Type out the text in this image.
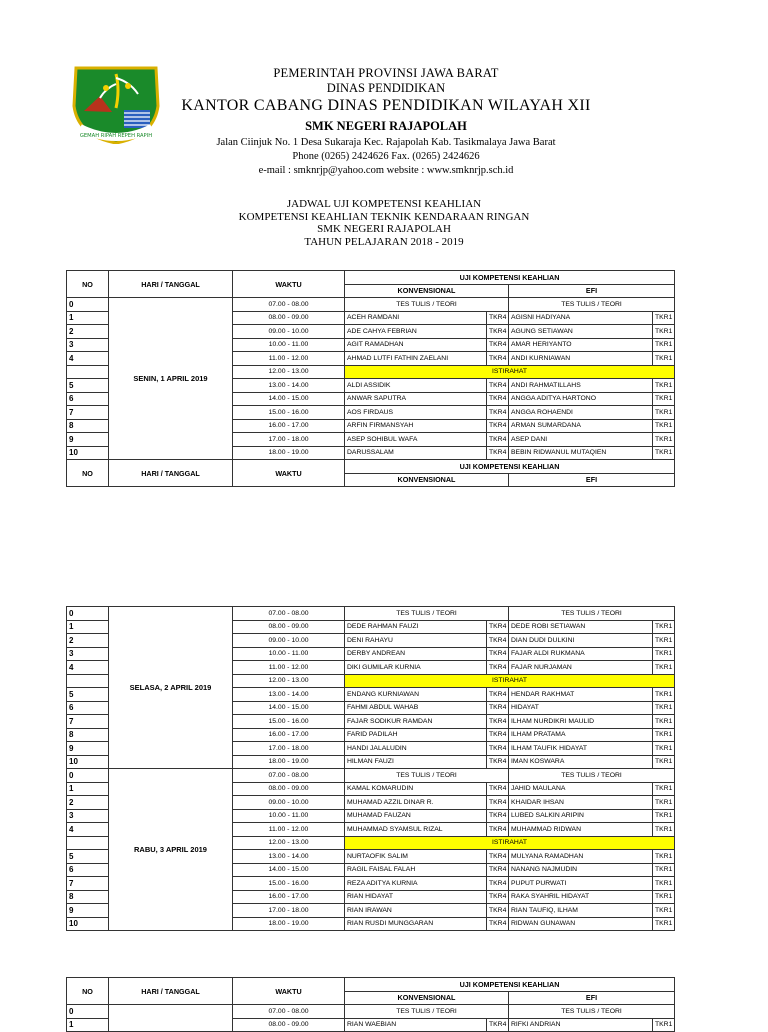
GEMAH RIPAH REPEH RAPIH
PEMERINTAH PROVINSI JAWA BARAT
DINAS PENDIDIKAN
KANTOR CABANG DINAS PENDIDIKAN WILAYAH XII
SMK NEGERI RAJAPOLAH
Jalan Ciinjuk No. 1 Desa Sukaraja Kec. Rajapolah Kab. Tasikmalaya Jawa Barat
Phone (0265) 2424626 Fax. (0265) 2424626
e-mail : smknrjp@yahoo.com website : www.smknrjp.sch.id
JADWAL UJI KOMPETENSI KEAHLIAN
KOMPETENSI KEAHLIAN TEKNIK KENDARAAN RINGAN
SMK NEGERI RAJAPOLAH
TAHUN PELAJARAN 2018 - 2019
NO	HARI / TANGGAL	WAKTU	UJI KOMPETENSI KEAHLIAN			
			KONVENSIONAL		EFI	
0	SENIN, 1 APRIL 2019	07.00 - 08.00	TES TULIS / TEORI		TES TULIS / TEORI	
1		08.00 - 09.00	ACEH RAMDANI	TKR4	AGISNI HADIYANA	TKR1
2		09.00 - 10.00	ADE CAHYA FEBRIAN	TKR4	AGUNG SETIAWAN	TKR1
3		10.00 - 11.00	AGIT RAMADHAN	TKR4	AMAR HERIYANTO	TKR1
4		11.00 - 12.00	AHMAD LUTFI FATHIN ZAELANI	TKR4	ANDI KURNIAWAN	TKR1
		12.00 - 13.00	ISTIRAHAT			
5		13.00 - 14.00	ALDI ASSIDIK	TKR4	ANDI RAHMATILLAHS	TKR1
6		14.00 - 15.00	ANWAR SAPUTRA	TKR4	ANGGA ADITYA HARTONO	TKR1
7		15.00 - 16.00	AOS FIRDAUS	TKR4	ANGGA ROHAENDI	TKR1
8		16.00 - 17.00	ARFIN FIRMANSYAH	TKR4	ARMAN SUMARDANA	TKR1
9		17.00 - 18.00	ASEP SOHIBUL WAFA	TKR4	ASEP DANI	TKR1
10		18.00 - 19.00	DARUSSALAM	TKR4	BEBIN RIDWANUL MUTAQIEN	TKR1
NO	HARI / TANGGAL	WAKTU	UJI KOMPETENSI KEAHLIAN			
			KONVENSIONAL		EFI	
0	SELASA, 2 APRIL 2019	07.00 - 08.00	TES TULIS / TEORI		TES TULIS / TEORI	
1		08.00 - 09.00	DEDE RAHMAN FAUZI	TKR4	DEDE ROBI SETIAWAN	TKR1
2		09.00 - 10.00	DENI RAHAYU	TKR4	DIAN DUDI DULKINI	TKR1
3		10.00 - 11.00	DERBY ANDREAN	TKR4	FAJAR ALDI RUKMANA	TKR1
4		11.00 - 12.00	DIKI GUMILAR KURNIA	TKR4	FAJAR NURJAMAN	TKR1
		12.00 - 13.00	ISTIRAHAT			
5		13.00 - 14.00	ENDANG KURNIAWAN	TKR4	HENDAR RAKHMAT	TKR1
6		14.00 - 15.00	FAHMI ABDUL WAHAB	TKR4	HIDAYAT	TKR1
7		15.00 - 16.00	FAJAR SODIKUR RAMDAN	TKR4	ILHAM NURDIKRI MAULID	TKR1
8		16.00 - 17.00	FARID PADILAH	TKR4	ILHAM PRATAMA	TKR1
9		17.00 - 18.00	HANDI JALALUDIN	TKR4	ILHAM TAUFIK HIDAYAT	TKR1
10		18.00 - 19.00	HILMAN FAUZI	TKR4	IMAN KOSWARA	TKR1
0	RABU, 3 APRIL 2019	07.00 - 08.00	TES TULIS / TEORI		TES TULIS / TEORI	
1		08.00 - 09.00	KAMAL KOMARUDIN	TKR4	JAHID MAULANA	TKR1
2		09.00 - 10.00	MUHAMAD AZZIL DINAR R.	TKR4	KHAIDAR IHSAN	TKR1
3		10.00 - 11.00	MUHAMAD FAUZAN	TKR4	LUBED SALKIN ARIPIN	TKR1
4		11.00 - 12.00	MUHAMMAD SYAMSUL RIZAL	TKR4	MUHAMMAD RIDWAN	TKR1
		12.00 - 13.00	ISTIRAHAT			
5		13.00 - 14.00	NURTAOFIK SALIM	TKR4	MULYANA RAMADHAN	TKR1
6		14.00 - 15.00	RAGIL FAISAL FALAH	TKR4	NANANG NAJMUDIN	TKR1
7		15.00 - 16.00	REZA ADITYA KURNIA	TKR4	PUPUT PURWATI	TKR1
8		16.00 - 17.00	RIAN HIDAYAT	TKR4	RAKA SYAHRIL HIDAYAT	TKR1
9		17.00 - 18.00	RIAN IRAWAN	TKR4	RIAN TAUFIQ, ILHAM	TKR1
10		18.00 - 19.00	RIAN RUSDI MUNGGARAN	TKR4	RIDWAN GUNAWAN	TKR1
NO	HARI / TANGGAL	WAKTU	UJI KOMPETENSI KEAHLIAN			
			KONVENSIONAL		EFI	
0		07.00 - 08.00	TES TULIS / TEORI		TES TULIS / TEORI	
1		08.00 - 09.00	RIAN WAEBIAN	TKR4	RIFKI ANDRIAN	TKR1
